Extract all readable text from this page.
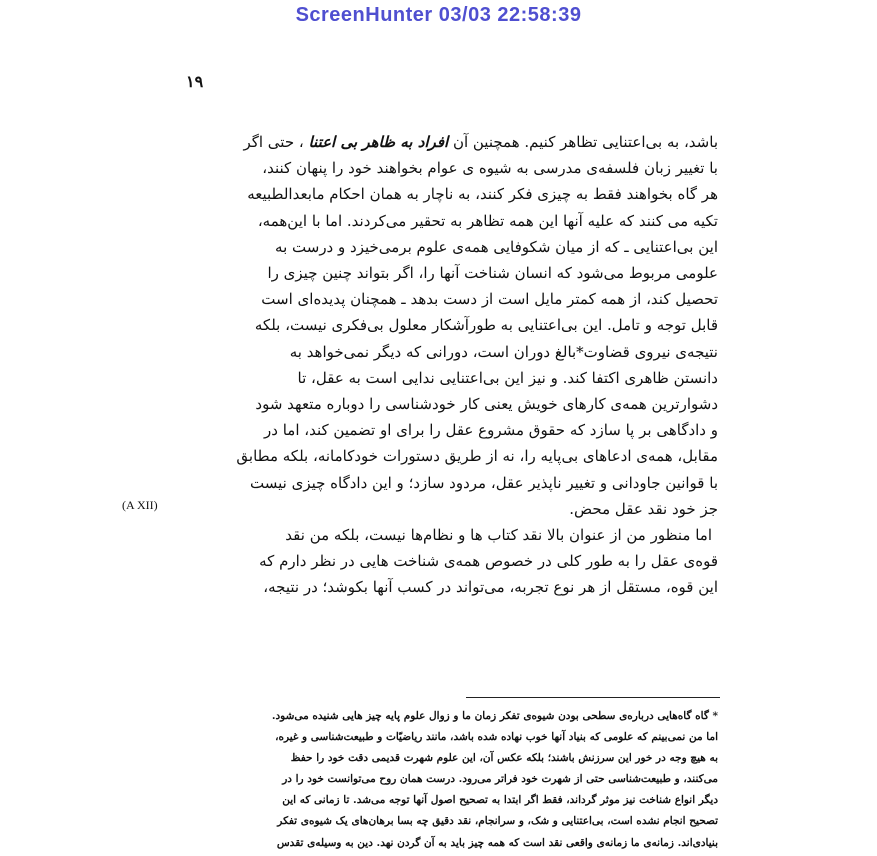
ScreenHunter 03/03 22:58:39
۱۹
باشد، به بی‌اعتنایی تظاهر کنیم. همچنین آن افراد به ظاهر بی اعتنا ، حتی اگر
با تغییر زبان فلسفه‌ی مدرسی به شیوه ی عوام بخواهند خود را پنهان کنند،
هر گاه بخواهند فقط به چیزی فکر کنند، به ناچار به همان احکام مابعدالطبیعه
تکیه می کنند که علیه آنها این همه تظاهر به تحقیر می‌کردند. اما با این‌همه،
این بی‌اعتنایی ـ که از میان شکوفایی همه‌ی علوم برمی‌خیزد و درست به
علومی مربوط می‌شود که انسان شناخت آنها را، اگر بتواند چنین چیزی را
تحصیل کند، از همه کمتر مایل است از دست بدهد ـ همچنان پدیده‌ای است
قابل توجه و تامل. این بی‌اعتنایی به طورآشکار معلول بی‌فکری نیست، بلکه
نتیجه‌ی نیروی قضاوت*بالغ دوران است، دورانی که دیگر نمی‌خواهد به
دانستن ظاهری اکتفا کند. و نیز این بی‌اعتنایی ندایی است به عقل، تا
دشوارترین همه‌ی کارهای خویش یعنی کار خودشناسی را دوباره متعهد شود
و دادگاهی بر پا سازد که حقوق مشروع عقل را برای او تضمین کند، اما در
مقابل، همه‌ی ادعاهای بی‌پایه را، نه از طریق دستورات خودکامانه، بلکه مطابق
با قوانین جاودانی و تغییر ناپذیر عقل، مردود سازد؛ و این دادگاه چیزی نیست
جز خود نقد عقل محض.
اما منظور من از عنوان بالا نقد کتاب ها و نظام‌ها نیست، بلکه من نقد
قوه‌ی عقل را به طور کلی در خصوص همه‌ی شناخت هایی در نظر دارم که
این قوه، مستقل از هر نوع تجربه، می‌تواند در کسب آنها بکوشد؛ در نتیجه،
(A XII)
* گاه گاه‌هایی درباره‌ی سطحی بودن شیوه‌ی تفکر زمان ما و زوال علوم پایه چیز هایی شنیده می‌شود.
اما من نمی‌بینم که علومی که بنیاد آنها خوب نهاده شده باشد، مانند ریاضیّات و طبیعت‌شناسی و غیره،
به هیچ وجه در خور این سرزنش باشند؛ بلکه عکس آن، این علوم شهرت قدیمی دقت خود را حفظ
می‌کنند، و طبیعت‌شناسی حتی از شهرت خود فراتر می‌رود. درست همان روح می‌توانست خود را در
دیگر انواع شناخت نیز موثر گرداند، فقط اگر ابتدا به تصحیح اصول آنها توجه می‌شد. تا زمانی که این
تصحیح انجام نشده است، بی‌اعتنایی و شک، و سرانجام، نقد دقیق چه بسا برهان‌های یک شیوه‌ی تفکر
بنیادی‌اند. زمانه‌ی ما زمانه‌ی واقعی نقد است که همه چیز باید به آن گردن نهد. دین به وسیله‌ی تقدس
